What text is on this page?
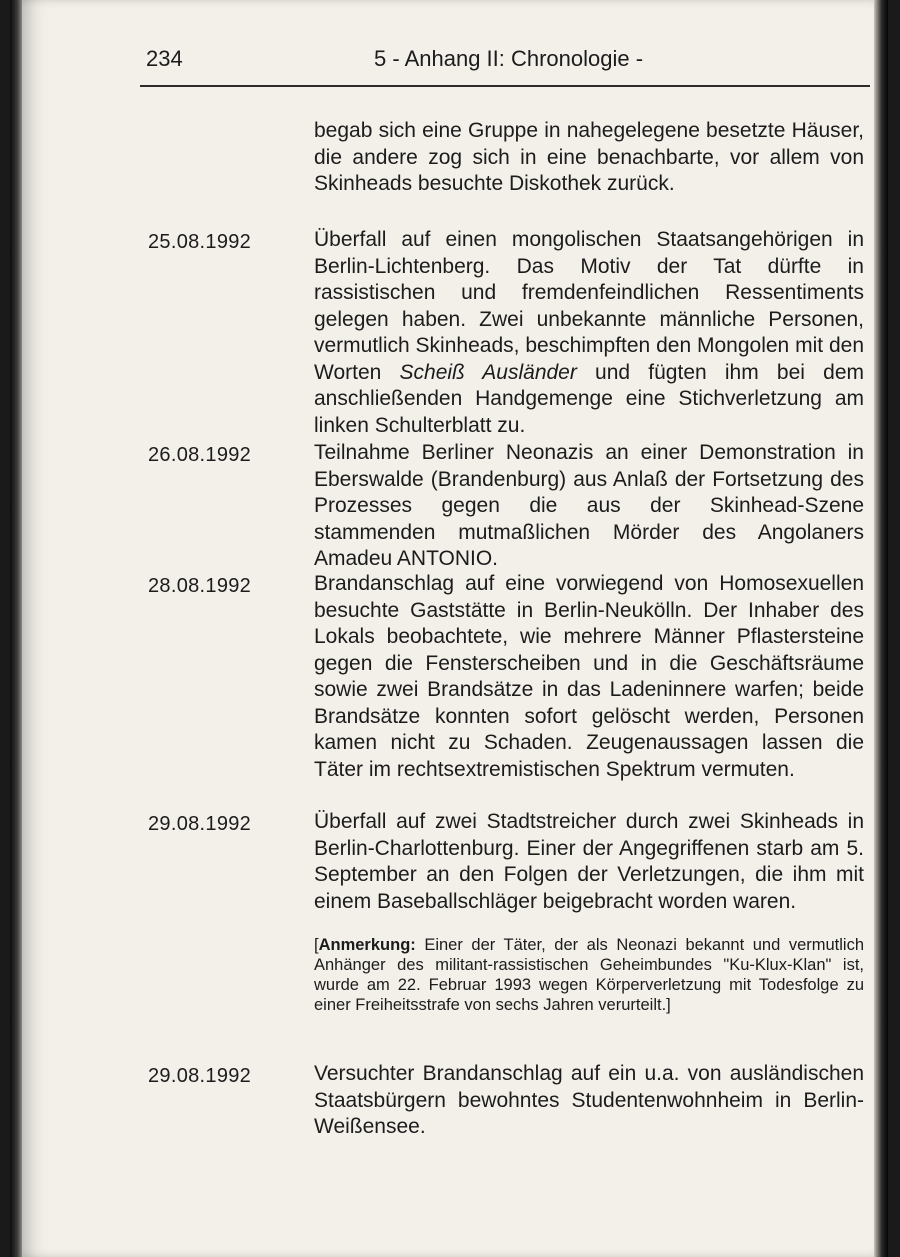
234	5 - Anhang II: Chronologie -
begab sich eine Gruppe in nahegelegene besetzte Häuser, die andere zog sich in eine benachbarte, vor allem von Skinheads besuchte Diskothek zurück.
25.08.1992	Überfall auf einen mongolischen Staatsangehörigen in Berlin-Lichtenberg. Das Motiv der Tat dürfte in rassistischen und fremdenfeindlichen Ressentiments gelegen haben. Zwei unbekannte männliche Personen, vermutlich Skinheads, beschimpften den Mongolen mit den Worten Scheiß Ausländer und fügten ihm bei dem anschließenden Handgemenge eine Stichverletzung am linken Schulterblatt zu.
26.08.1992	Teilnahme Berliner Neonazis an einer Demonstration in Eberswalde (Brandenburg) aus Anlaß der Fortsetzung des Prozesses gegen die aus der Skinhead-Szene stammenden mutmaßlichen Mörder des Angolaners Amadeu ANTONIO.
28.08.1992	Brandanschlag auf eine vorwiegend von Homosexuellen besuchte Gaststätte in Berlin-Neukölln. Der Inhaber des Lokals beobachtete, wie mehrere Männer Pflastersteine gegen die Fensterscheiben und in die Geschäftsräume sowie zwei Brandsätze in das Ladeninnere warfen; beide Brandsätze konnten sofort gelöscht werden, Personen kamen nicht zu Schaden. Zeugenaussagen lassen die Täter im rechtsextremistischen Spektrum vermuten.
29.08.1992	Überfall auf zwei Stadtstreicher durch zwei Skinheads in Berlin-Charlottenburg. Einer der Angegriffenen starb am 5. September an den Folgen der Verletzungen, die ihm mit einem Baseballschläger beigebracht worden waren.
[Anmerkung: Einer der Täter, der als Neonazi bekannt und vermutlich Anhänger des militant-rassistischen Geheimbundes "Ku-Klux-Klan" ist, wurde am 22. Februar 1993 wegen Körperverletzung mit Todesfolge zu einer Freiheitsstrafe von sechs Jahren verurteilt.]
29.08.1992	Versuchter Brandanschlag auf ein u.a. von ausländischen Staatsbürgern bewohntes Studentenwohnheim in Berlin-Weißensee.
